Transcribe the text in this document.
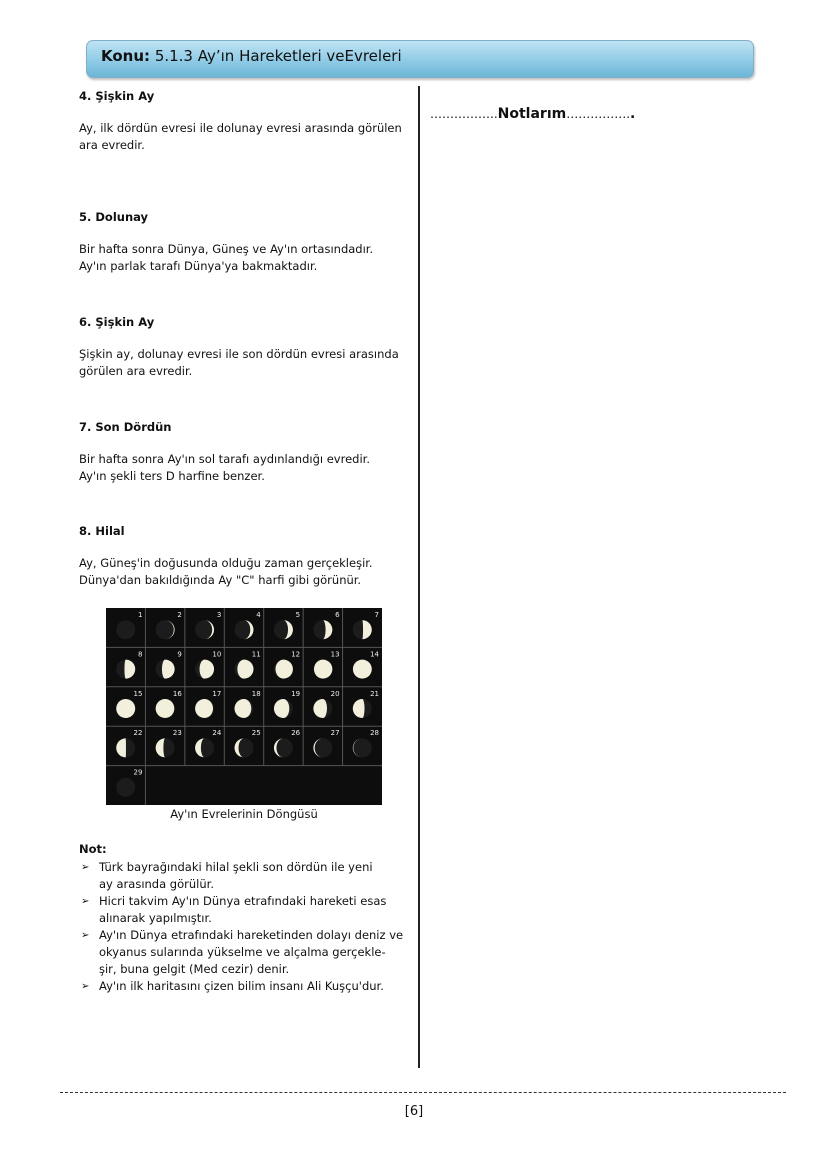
Konu: 5.1.3 Ay’ın Hareketleri veEvreleri
……………..Notlarım……………..
4. Şişkin Ay
Ay, ilk dördün evresi ile dolunay evresi arasında görülen
ara evredir.
5. Dolunay
Bir hafta sonra Dünya, Güneş ve Ay'ın ortasındadır.
Ay'ın parlak tarafı Dünya'ya bakmaktadır.
6. Şişkin Ay
Şişkin ay, dolunay evresi ile son dördün evresi arasında
görülen ara evredir.
7. Son Dördün
Bir hafta sonra Ay'ın sol tarafı aydınlandığı evredir.
Ay'ın şekli ters D harfine benzer.
8. Hilal
Ay, Güneş'in doğusunda olduğu zaman gerçekleşir.
Dünya'dan bakıldığında Ay "C" harfi gibi görünür.
1	2	3	4	5	6	7
8	9	10	11	12	13	14
15	16	17	18	19	20	21
22	23	24	25	26	27	28
29
Ay'ın Evrelerinin Döngüsü
Not:
➢ Türk bayrağındaki hilal şekli son dördün ile yeni
ay arasında görülür.
➢ Hicri takvim Ay'ın Dünya etrafındaki hareketi esas
alınarak yapılmıştır.
➢ Ay'ın Dünya etrafındaki hareketinden dolayı deniz ve
okyanus sularında yükselme ve alçalma gerçekle-
şir, buna gelgit (Med cezir) denir.
➢ Ay'ın ilk haritasını çizen bilim insanı Ali Kuşçu'dur.
[6]
